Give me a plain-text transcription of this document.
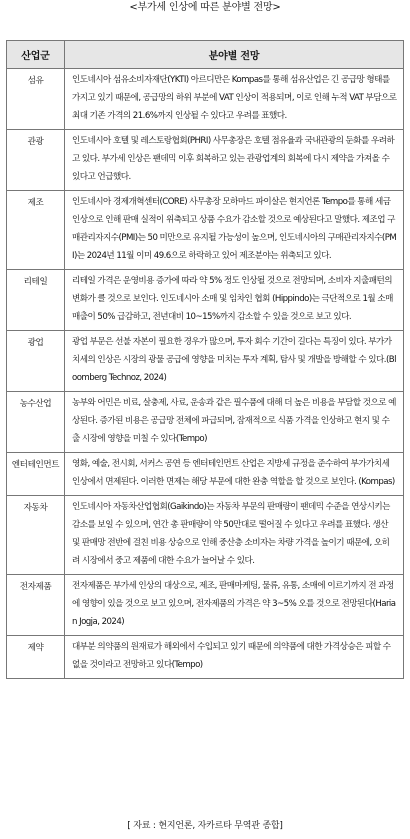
<부가세 인상에 따른 분야별 전망>
산업군	분야별 전망
섬유	인도네시아 섬유소비자재단(YKTI) 아르디만은 Kompas를 통해 섬유산업은 긴 공급망 형태를 가지고 있기 때문에, 공급망의 하위 부분에 VAT 인상이 적용되며, 이로 인해 누적 VAT 부담으로 최대 기존 가격의 21.6%까지 인상될 수 있다고 우려를 표했다.
관광	인도네시아 호텔 및 레스토랑협회(PHRI) 사무총장은 호텔 점유율과 국내관광의 둔화를 우려하고 있다. 부가세 인상은 팬데믹 이후 회복하고 있는 관광업계의 회복에 다시 제약을 가져올 수 있다고 언급했다.
제조	인도네시아 경제개혁센터(CORE) 사무총장 모하마드 파이살은 현지언론 Tempo를 통해 세금 인상으로 인해 판매 실적이 위축되고 상품 수요가 감소할 것으로 예상된다고 말했다. 제조업 구매관리자지수(PMI)는 50 미만으로 유지될 가능성이 높으며, 인도네시아의 구매관리자지수(PMI)는 2024년 11월 이미 49.6으로 하락하고 있어 제조분야는 위축되고 있다.
리테일	리테일 가격은 운영비용 증가에 따라 약 5% 정도 인상될 것으로 전망되며, 소비자 지출패턴의 변화가 클 것으로 보인다. 인도네시아 소매 및 임차인 협회 (Hippindo)는 극단적으로 1월 소매매출이 50% 급감하고, 전년대비 10~15%까지 감소할 수 있을 것으로 보고 있다.
광업	광업 부문은 선불 자본이 필요한 경우가 많으며, 투자 회수 기간이 길다는 특징이 있다. 부가가치세의 인상은 시장의 광물 공급에 영향을 미치는 투자 계획, 탐사 및 개발을 방해할 수 있다.(Bloomberg Technoz, 2024)
농수산업	농부와 어민은 비료, 살충제, 사료, 운송과 같은 필수품에 대해 더 높은 비용을 부담할 것으로 예상된다. 증가된 비용은 공급망 전체에 파급되며, 잠재적으로 식품 가격을 인상하고 현지 및 수출 시장에 영향을 미칠 수 있다(Tempo)
엔터테인먼트	영화, 예술, 전시회, 서커스 공연 등 엔터테인먼트 산업은 지방세 규정을 준수하여 부가가치세 인상에서 면제된다. 이러한 면제는 해당 부문에 대한 완충 역할을 할 것으로 보인다. (Kompas)
자동차	인도네시아 자동차산업협회(Gaikindo)는 자동차 부문의 판매량이 팬데믹 수준을 연상시키는 감소를 보일 수 있으며, 연간 총 판매량이 약 50만대로 떨어질 수 있다고 우려를 표했다. 생산 및 판매망 전반에 걸친 비용 상승으로 인해 중산층 소비자는 차량 가격을 높이기 때문에, 오히려 시장에서 중고 제품에 대한 수요가 늘어날 수 있다.
전자제품	전자제품은 부가세 인상의 대상으로, 제조, 판매마케팅, 물류, 유통, 소매에 이르기까지 전 과정에 영향이 있을 것으로 보고 있으며, 전자제품의 가격은 약 3~5% 오를 것으로 전망된다(Harian Jogja, 2024)
제약	대부분 의약품의 원재료가 해외에서 수입되고 있기 때문에 의약품에 대한 가격상승은 피할 수 없을 것이라고 전망하고 있다(Tempo)
[ 자료 : 현지언론, 자카르타 무역관 종합]
